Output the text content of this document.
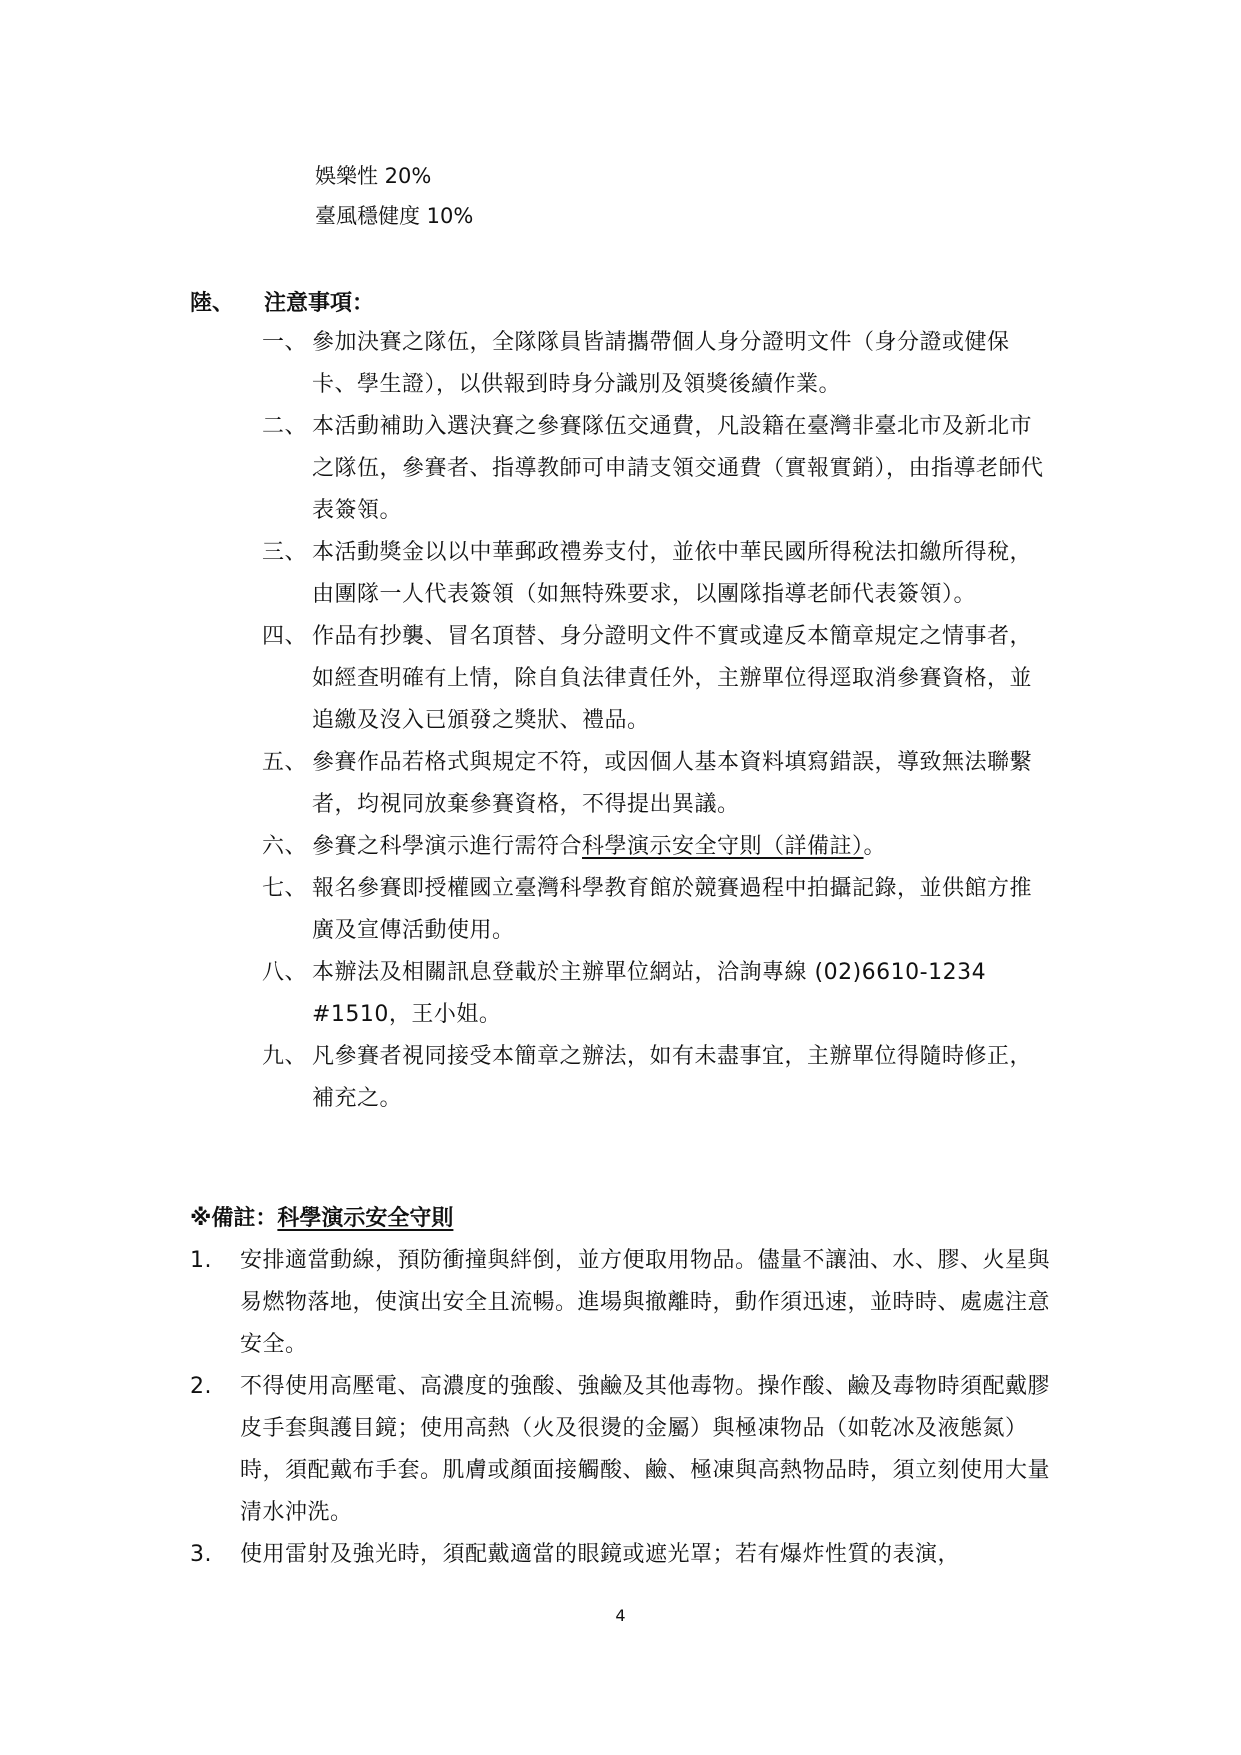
娛樂性 20%
臺風穩健度 10%
陸、 注意事項：
一、 參加決賽之隊伍，全隊隊員皆請攜帶個人身分證明文件（身分證或健保卡、學生證），以供報到時身分識別及領獎後續作業。
二、 本活動補助入選決賽之參賽隊伍交通費，凡設籍在臺灣非臺北市及新北市之隊伍，參賽者、指導教師可申請支領交通費（實報實銷），由指導老師代表簽領。
三、 本活動獎金以以中華郵政禮劵支付，並依中華民國所得稅法扣繳所得稅，由團隊一人代表簽領（如無特殊要求，以團隊指導老師代表簽領）。
四、 作品有抄襲、冒名頂替、身分證明文件不實或違反本簡章規定之情事者，如經查明確有上情，除自負法律責任外，主辦單位得逕取消參賽資格，並追繳及沒入已頒發之獎狀、禮品。
五、 參賽作品若格式與規定不符，或因個人基本資料填寫錯誤，導致無法聯繫者，均視同放棄參賽資格，不得提出異議。
六、 參賽之科學演示進行需符合科學演示安全守則（詳備註）。
七、 報名參賽即授權國立臺灣科學教育館於競賽過程中拍攝記錄，並供館方推廣及宣傳活動使用。
八、 本辦法及相關訊息登載於主辦單位網站，洽詢專線 (02)6610-1234 #1510，王小姐。
九、 凡參賽者視同接受本簡章之辦法，如有未盡事宜，主辦單位得隨時修正，補充之。
※備註：科學演示安全守則
1. 安排適當動線，預防衝撞與絆倒，並方便取用物品。儘量不讓油、水、膠、火星與易燃物落地，使演出安全且流暢。進場與撤離時，動作須迅速，並時時、處處注意安全。
2. 不得使用高壓電、高濃度的強酸、強鹼及其他毒物。操作酸、鹼及毒物時須配戴膠皮手套與護目鏡；使用高熱（火及很燙的金屬）與極凍物品（如乾冰及液態氮）時，須配戴布手套。肌膚或顏面接觸酸、鹼、極凍與高熱物品時，須立刻使用大量清水沖洗。
3. 使用雷射及強光時，須配戴適當的眼鏡或遮光罩；若有爆炸性質的表演，
4
